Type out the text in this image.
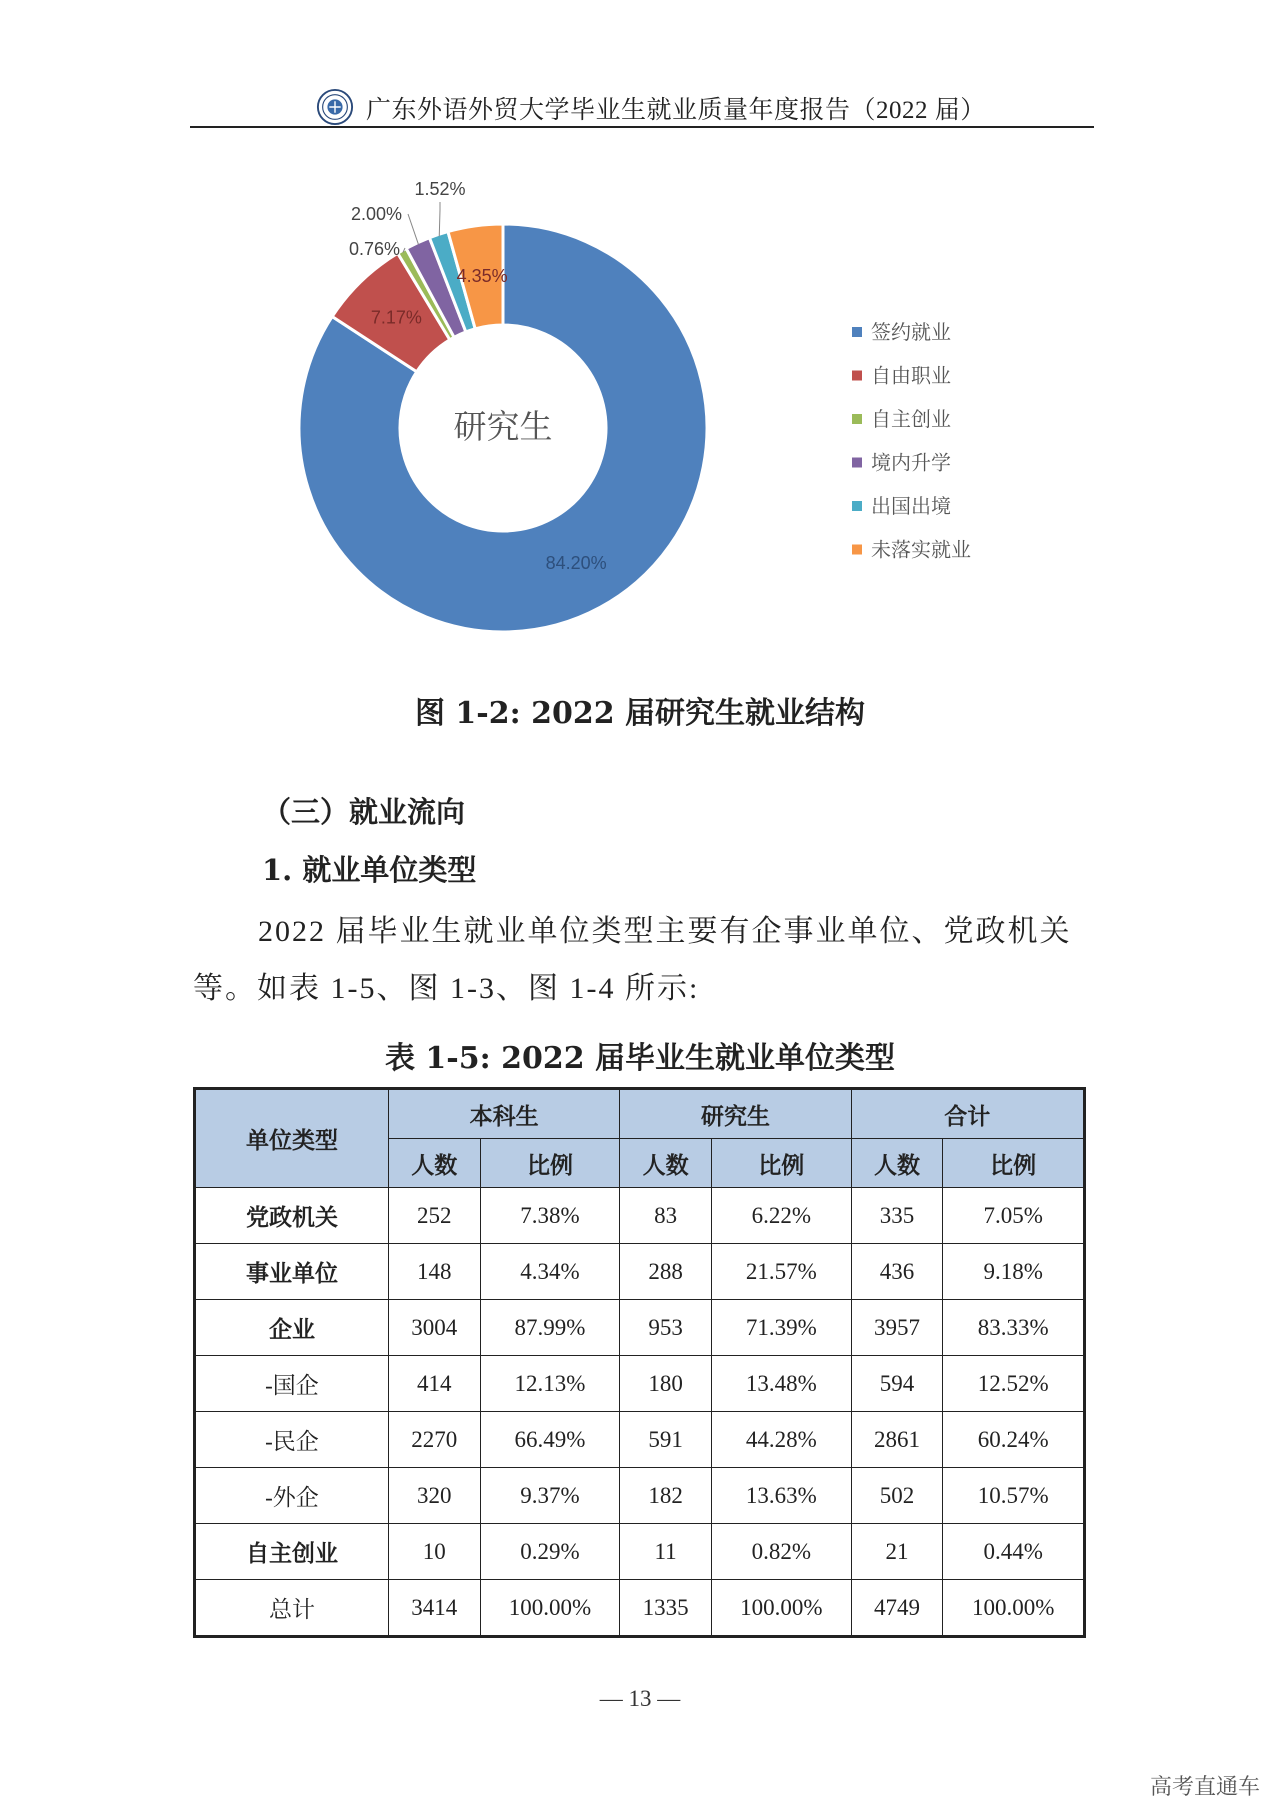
广东外语外贸大学毕业生就业质量年度报告（2022 届）
84.20%
7.17%
4.35%
0.76%
2.00%
1.52%
研究生
签约就业
自由职业
自主创业
境内升学
出国出境
未落实就业
图 1-2: 2022 届研究生就业结构
（三）就业流向
1. 就业单位类型
2022 届毕业生就业单位类型主要有企事业单位、党政机关
等。如表 1-5、图 1-3、图 1-4 所示:
表 1-5: 2022 届毕业生就业单位类型
单位类型	本科生		研究生		合计	
	人数	比例	人数	比例	人数	比例
党政机关	252	7.38%	83	6.22%	335	7.05%
事业单位	148	4.34%	288	21.57%	436	9.18%
企业	3004	87.99%	953	71.39%	3957	83.33%
-国企	414	12.13%	180	13.48%	594	12.52%
-民企	2270	66.49%	591	44.28%	2861	60.24%
-外企	320	9.37%	182	13.63%	502	10.57%
自主创业	10	0.29%	11	0.82%	21	0.44%
总计	3414	100.00%	1335	100.00%	4749	100.00%
— 13 —
高考直通车
